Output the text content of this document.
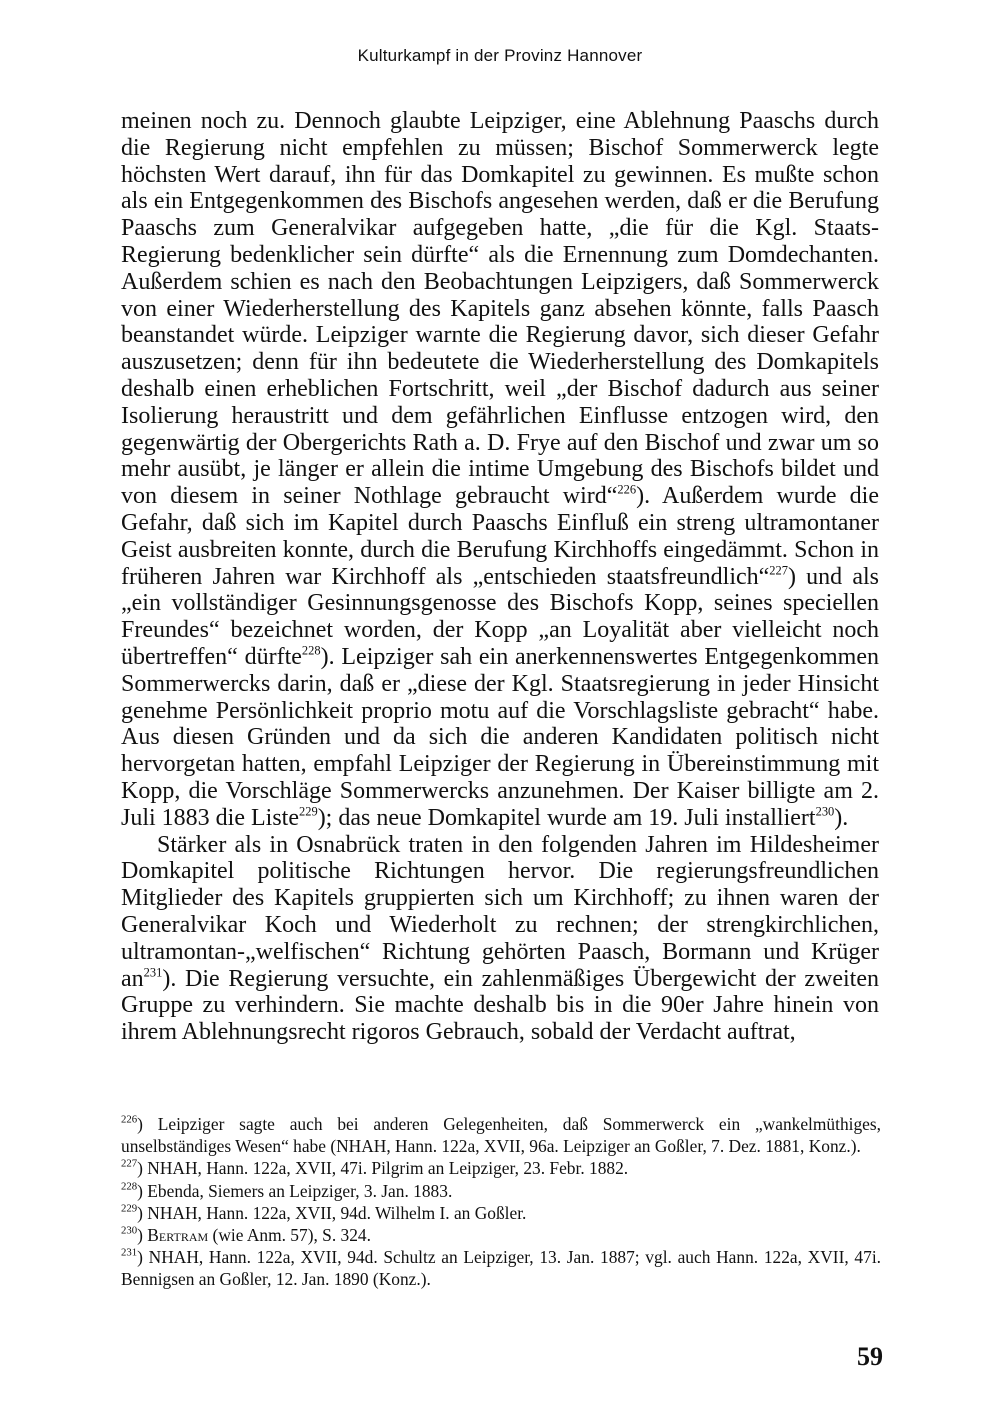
Kulturkampf in der Provinz Hannover

meinen noch zu. Dennoch glaubte Leipziger, eine Ablehnung Paaschs durch die Regierung nicht empfehlen zu müssen; Bischof Sommerwerck legte höchsten Wert darauf, ihn für das Domkapitel zu gewinnen. Es mußte schon als ein Entgegenkommen des Bischofs angesehen werden, daß er die Berufung Paaschs zum Generalvikar aufgegeben hatte, „die für die Kgl. Staats-Regierung bedenklicher sein dürfte“ als die Ernennung zum Domdechanten. Außerdem schien es nach den Beobachtungen Leipzigers, daß Sommerwerck von einer Wiederherstellung des Kapitels ganz absehen könnte, falls Paasch beanstandet würde. Leipziger warnte die Regierung davor, sich dieser Gefahr auszusetzen; denn für ihn bedeutete die Wiederherstellung des Domkapitels deshalb einen erheblichen Fortschritt, weil „der Bischof dadurch aus seiner Isolierung heraustritt und dem gefährlichen Einflusse entzogen wird, den gegenwärtig der Obergerichts Rath a. D. Frye auf den Bischof und zwar um so mehr ausübt, je länger er allein die intime Umgebung des Bischofs bildet und von diesem in seiner Nothlage gebraucht wird“$^{226}$). Außerdem wurde die Gefahr, daß sich im Kapitel durch Paaschs Einfluß ein streng ultramontaner Geist ausbreiten konnte, durch die Berufung Kirchhoffs eingedämmt. Schon in früheren Jahren war Kirchhoff als „entschieden staatsfreundlich“$^{227}$) und als „ein vollständiger Gesinnungsgenosse des Bischofs Kopp, seines speciellen Freundes“ bezeichnet worden, der Kopp „an Loyalität aber vielleicht noch übertreffen“ dürfte$^{228}$). Leipziger sah ein anerkennenswertes Entgegenkommen Sommerwercks darin, daß er „diese der Kgl. Staatsregierung in jeder Hinsicht genehme Persönlichkeit proprio motu auf die Vorschlagsliste gebracht“ habe. Aus diesen Gründen und da sich die anderen Kandidaten politisch nicht hervorgetan hatten, empfahl Leipziger der Regierung in Übereinstimmung mit Kopp, die Vorschläge Sommerwercks anzunehmen. Der Kaiser billigte am 2. Juli 1883 die Liste$^{229}$); das neue Domkapitel wurde am 19. Juli installiert$^{230}$).

Stärker als in Osnabrück traten in den folgenden Jahren im Hildesheimer Domkapitel politische Richtungen hervor. Die regierungsfreundlichen Mitglieder des Kapitels gruppierten sich um Kirchhoff; zu ihnen waren der Generalvikar Koch und Wiederholt zu rechnen; der strengkirchlichen, ultramontan-„welfischen“ Richtung gehörten Paasch, Bormann und Krüger $an^{231}$). Die Regierung versuchte, ein zahlenmäßiges Übergewicht der zweiten Gruppe zu verhindern. Sie machte deshalb bis in die 90er Jahre hinein von ihrem Ablehnungsrecht rigoros Gebrauch, sobald der Verdacht auftrat,

$^{226}$) Leipziger sagte auch bei anderen Gelegenheiten, daß Sommerwerck ein „wankelmüthiges, unselbständiges Wesen“ habe (NHAH, Hann. 122a, XVII, 96a. Leipziger an Goßler, 7. Dez. 1881, Konz.).

$^{227}$) NHAH, Hann. 122a, XVII, 47i. Pilgrim an Leipziger, 23. Febr. 1882.

$^{228}$) Ebenda, Siemers an Leipziger, 3. Jan. 1883.

$^{229}$) NHAH, Hann. 122a, XVII, 94d. Wilhelm I. an Goßler.

$^{230}$) Bertram (wie Anm. 57), S. 324.

$^{231}$) NHAH, Hann. 122a, XVII, 94d. Schultz an Leipziger, 13. Jan. 1887; vgl. auch Hann. 122a, XVII, 47i. Bennigsen an Goßler, 12. Jan. 1890 (Konz.).

59
